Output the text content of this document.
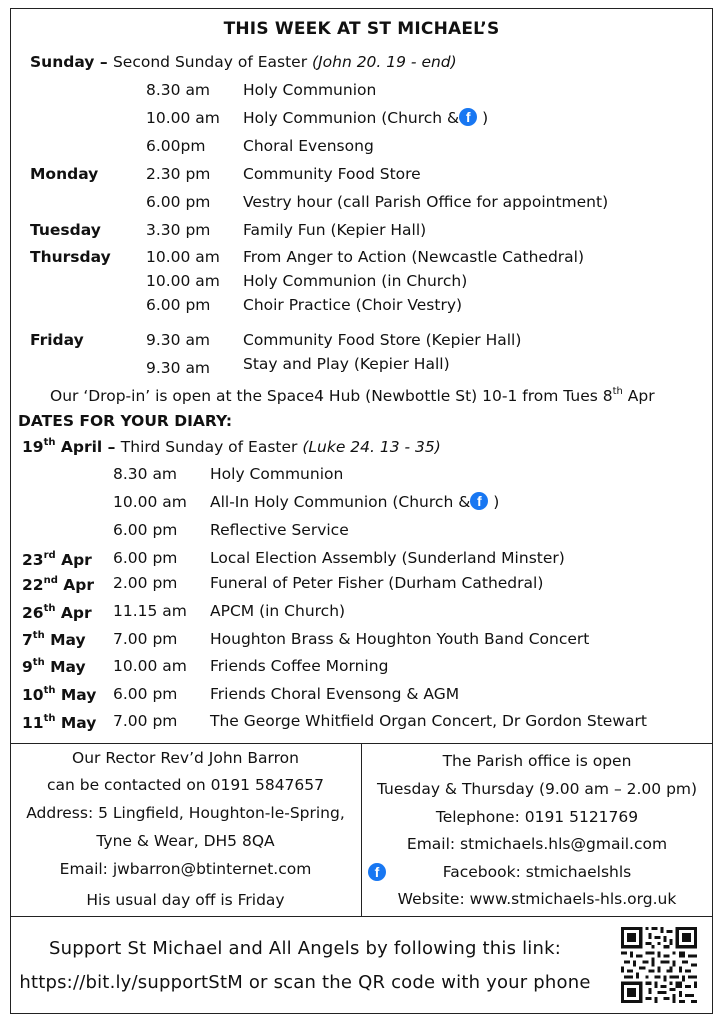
THIS WEEK AT ST MICHAEL’S
Sunday – Second Sunday of Easter (John 20. 19 - end)
8.30 am Holy Communion
10.00 am Holy Communion (Church & f )
6.00pm Choral Evensong
Monday	2.30 pm Community Food Store
6.00 pm Vestry hour (call Parish Office for appointment)
Tuesday	3.30 pm Family Fun (Kepier Hall)
Thursday 10.00 am From Anger to Action (Newcastle Cathedral)
10.00 am Holy Communion (in Church)
6.00 pm Choir Practice (Choir Vestry)
Friday	9.30 am Community Food Store (Kepier Hall)
9.30 am Stay and Play (Kepier Hall)
Our ‘Drop-in’ is open at the Space4 Hub (Newbottle St) 10-1 from Tues 8th Apr
DATES FOR YOUR DIARY:
19th April – Third Sunday of Easter (Luke 24. 13 - 35)
8.30 am Holy Communion
10.00 am All-In Holy Communion (Church & f )
6.00 pm Reflective Service
23rd Apr 6.00 pm Local Election Assembly (Sunderland Minster)
22nd Apr 2.00 pm Funeral of Peter Fisher (Durham Cathedral)
26th Apr 11.15 am APCM (in Church)
7th May 7.00 pm Houghton Brass & Houghton Youth Band Concert
9th May 10.00 am Friends Coffee Morning
10th May 6.00 pm Friends Choral Evensong & AGM
11th May 7.00 pm The George Whitfield Organ Concert, Dr Gordon Stewart
Our Rector Rev’d John Barron
can be contacted on 0191 5847657
Address: 5 Lingfield, Houghton-le-Spring,
Tyne & Wear, DH5 8QA
Email: jwbarron@btinternet.com
His usual day off is Friday
The Parish office is open
Tuesday & Thursday (9.00 am – 2.00 pm)
Telephone: 0191 5121769
Email: stmichaels.hls@gmail.com
f	Facebook: stmichaelshls
Website: www.stmichaels-hls.org.uk
Support St Michael and All Angels by following this link:
https://bit.ly/supportStM or scan the QR code with your phone
